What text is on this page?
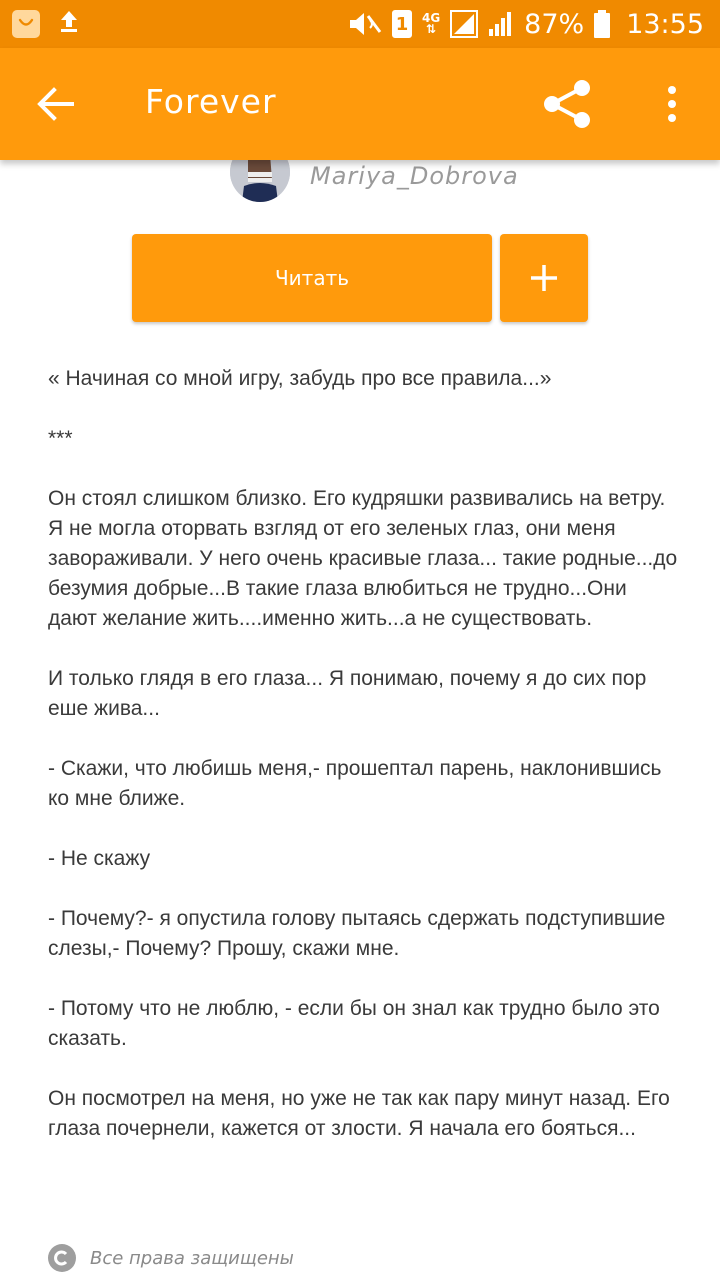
1 4G
⇅	87% 13:55
Forever
Mariya_Dobrova
Читать

« Начиная со мной игру, забудь про все правила...»

***

Он стоял слишком близко. Его кудряшки развивались на ветру. Я не могла оторвать взгляд от его зеленых глаз, они меня завораживали. У него очень красивые глаза... такие родные...до безумия добрые...В такие глаза влюбиться не трудно...Они дают желание жить....именно жить...а не существовать.

И только глядя в его глаза... Я понимаю, почему я до сих пор еше жива...

- Скажи, что любишь меня,- прошептал парень, наклонившись ко мне ближе.

- Не скажу

- Почему?- я опустила голову пытаясь сдержать подступившие слезы,- Почему? Прошу, скажи мне.

- Потому что не люблю, - если бы он знал как трудно было это сказать.

Он посмотрел на меня, но уже не так как пару минут назад. Его глаза почернели, кажется от злости. Я начала его бояться...

Все права защищены
